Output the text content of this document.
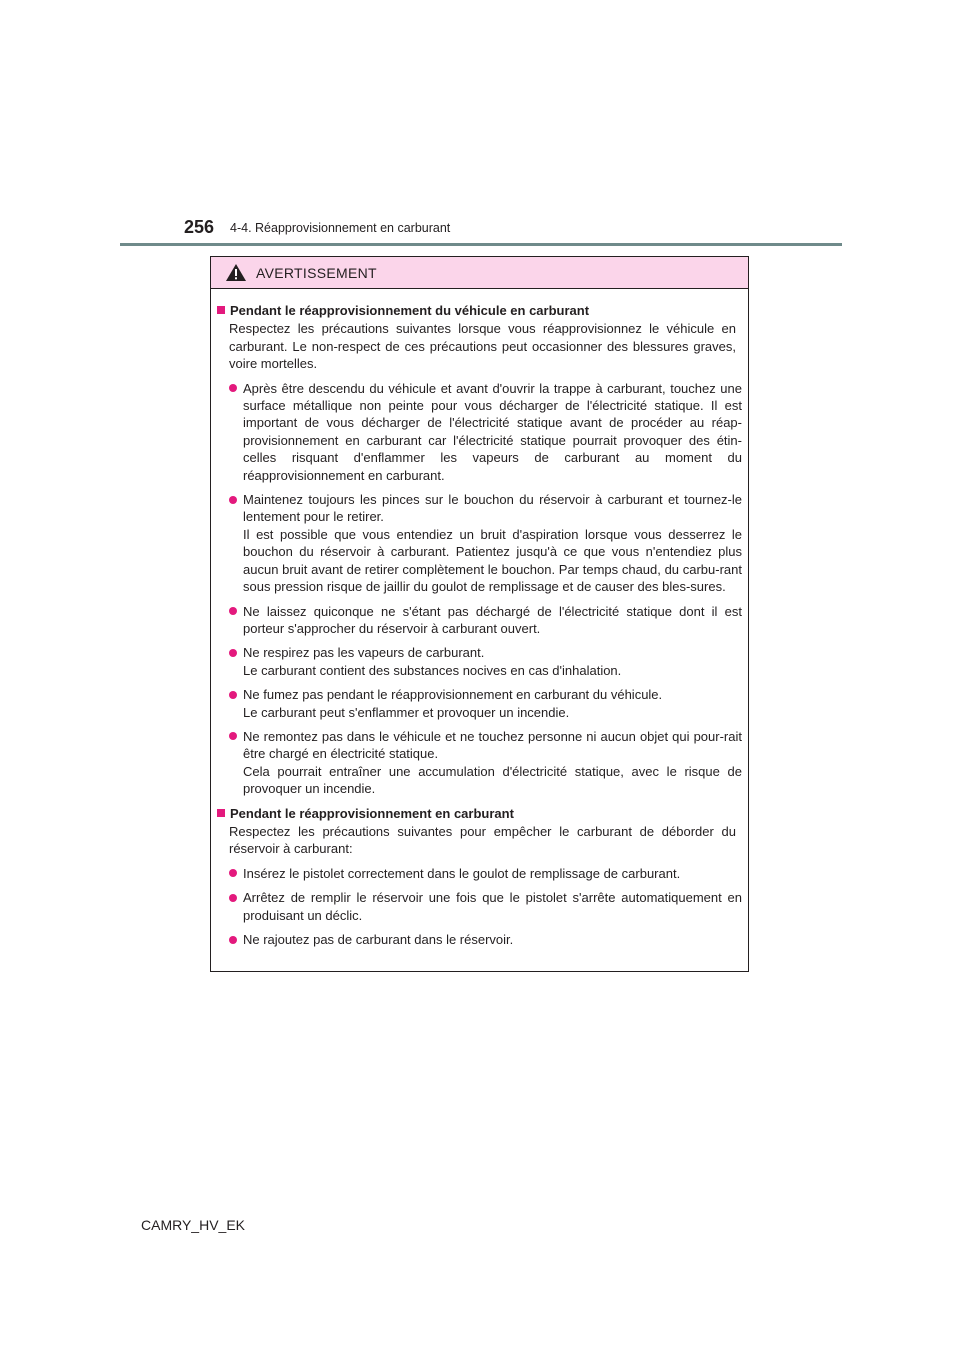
256 4-4. Réapprovisionnement en carburant
AVERTISSEMENT
Pendant le réapprovisionnement du véhicule en carburant
Respectez les précautions suivantes lorsque vous réapprovisionnez le véhicule en carburant. Le non-respect de ces précautions peut occasionner des blessures graves, voire mortelles.
Après être descendu du véhicule et avant d'ouvrir la trappe à carburant, touchez une surface métallique non peinte pour vous décharger de l'électricité statique. Il est important de vous décharger de l'électricité statique avant de procéder au réap-provisionnement en carburant car l'électricité statique pourrait provoquer des étin-celles risquant d'enflammer les vapeurs de carburant au moment du réapprovisionnement en carburant.
Maintenez toujours les pinces sur le bouchon du réservoir à carburant et tournez-le lentement pour le retirer.
Il est possible que vous entendiez un bruit d'aspiration lorsque vous desserrez le bouchon du réservoir à carburant. Patientez jusqu'à ce que vous n'entendiez plus aucun bruit avant de retirer complètement le bouchon. Par temps chaud, du carbu-rant sous pression risque de jaillir du goulot de remplissage et de causer des bles-sures.
Ne laissez quiconque ne s'étant pas déchargé de l'électricité statique dont il est porteur s'approcher du réservoir à carburant ouvert.
Ne respirez pas les vapeurs de carburant.
Le carburant contient des substances nocives en cas d'inhalation.
Ne fumez pas pendant le réapprovisionnement en carburant du véhicule.
Le carburant peut s'enflammer et provoquer un incendie.
Ne remontez pas dans le véhicule et ne touchez personne ni aucun objet qui pour-rait être chargé en électricité statique.
Cela pourrait entraîner une accumulation d'électricité statique, avec le risque de provoquer un incendie.
Pendant le réapprovisionnement en carburant
Respectez les précautions suivantes pour empêcher le carburant de déborder du réservoir à carburant:
Insérez le pistolet correctement dans le goulot de remplissage de carburant.
Arrêtez de remplir le réservoir une fois que le pistolet s'arrête automatiquement en produisant un déclic.
Ne rajoutez pas de carburant dans le réservoir.
CAMRY_HV_EK
